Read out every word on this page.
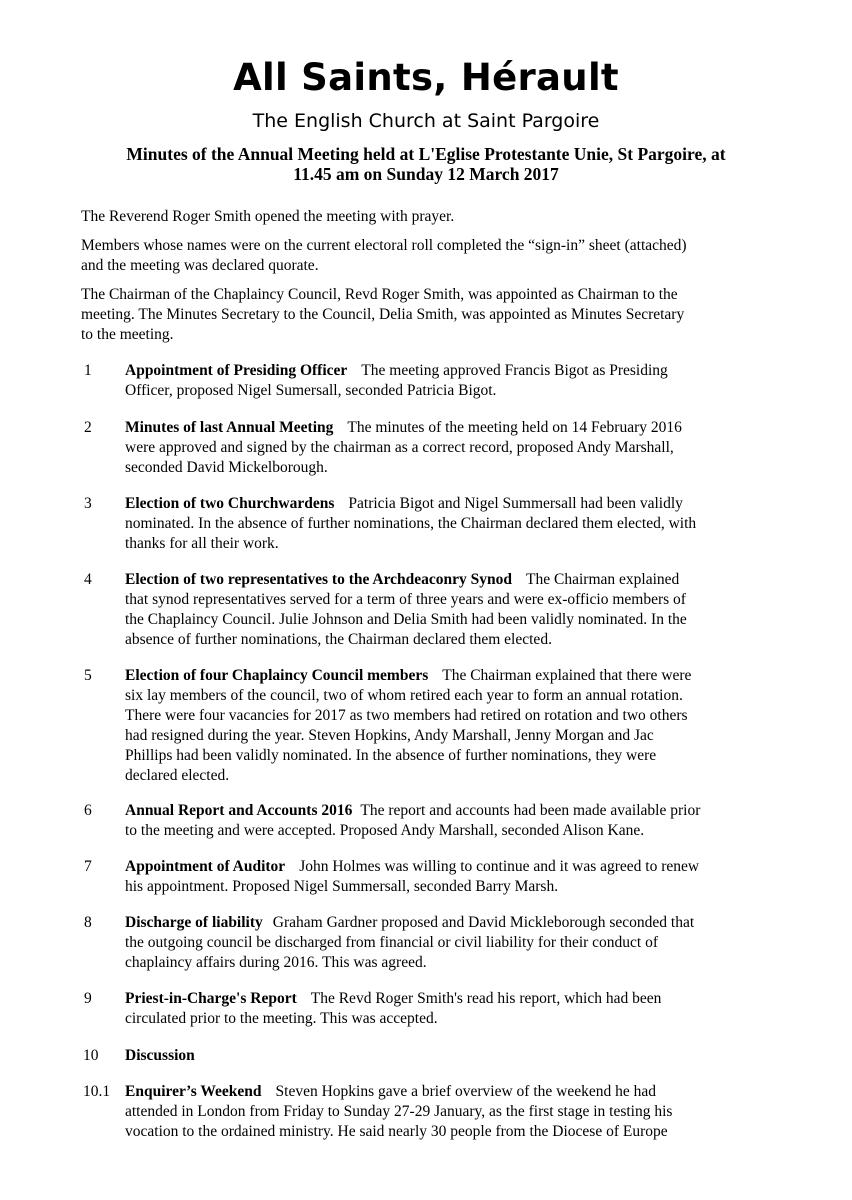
All Saints, Hérault
The English Church at Saint Pargoire
Minutes of the Annual Meeting held at L'Eglise Protestante Unie, St Pargoire, at
11.45 am on Sunday 12 March 2017
The Reverend Roger Smith opened the meeting with prayer.
Members whose names were on the current electoral roll completed the “sign-in” sheet (attached)
and the meeting was declared quorate.
The Chairman of the Chaplaincy Council, Revd Roger Smith, was appointed as Chairman to the
meeting. The Minutes Secretary to the Council, Delia Smith, was appointed as Minutes Secretary
to the meeting.
1 Appointment of Presiding Officer The meeting approved Francis Bigot as Presiding
Officer, proposed Nigel Sumersall, seconded Patricia Bigot.
2 Minutes of last Annual Meeting The minutes of the meeting held on 14 February 2016
were approved and signed by the chairman as a correct record, proposed Andy Marshall,
seconded David Mickelborough.
3 Election of two Churchwardens Patricia Bigot and Nigel Summersall had been validly
nominated. In the absence of further nominations, the Chairman declared them elected, with
thanks for all their work.
4 Election of two representatives to the Archdeaconry Synod The Chairman explained
that synod representatives served for a term of three years and were ex-officio members of
the Chaplaincy Council. Julie Johnson and Delia Smith had been validly nominated. In the
absence of further nominations, the Chairman declared them elected.
5 Election of four Chaplaincy Council members The Chairman explained that there were
six lay members of the council, two of whom retired each year to form an annual rotation.
There were four vacancies for 2017 as two members had retired on rotation and two others
had resigned during the year. Steven Hopkins, Andy Marshall, Jenny Morgan and Jac
Phillips had been validly nominated. In the absence of further nominations, they were
declared elected.
6 Annual Report and Accounts 2016 The report and accounts had been made available prior
to the meeting and were accepted. Proposed Andy Marshall, seconded Alison Kane.
7 Appointment of Auditor John Holmes was willing to continue and it was agreed to renew
his appointment. Proposed Nigel Summersall, seconded Barry Marsh.
8 Discharge of liability Graham Gardner proposed and David Mickleborough seconded that
the outgoing council be discharged from financial or civil liability for their conduct of
chaplaincy affairs during 2016. This was agreed.
9 Priest-in-Charge's Report The Revd Roger Smith's read his report, which had been
circulated prior to the meeting. This was accepted.
10 Discussion
10.1 Enquirer’s Weekend Steven Hopkins gave a brief overview of the weekend he had
attended in London from Friday to Sunday 27-29 January, as the first stage in testing his
vocation to the ordained ministry. He said nearly 30 people from the Diocese of Europe
